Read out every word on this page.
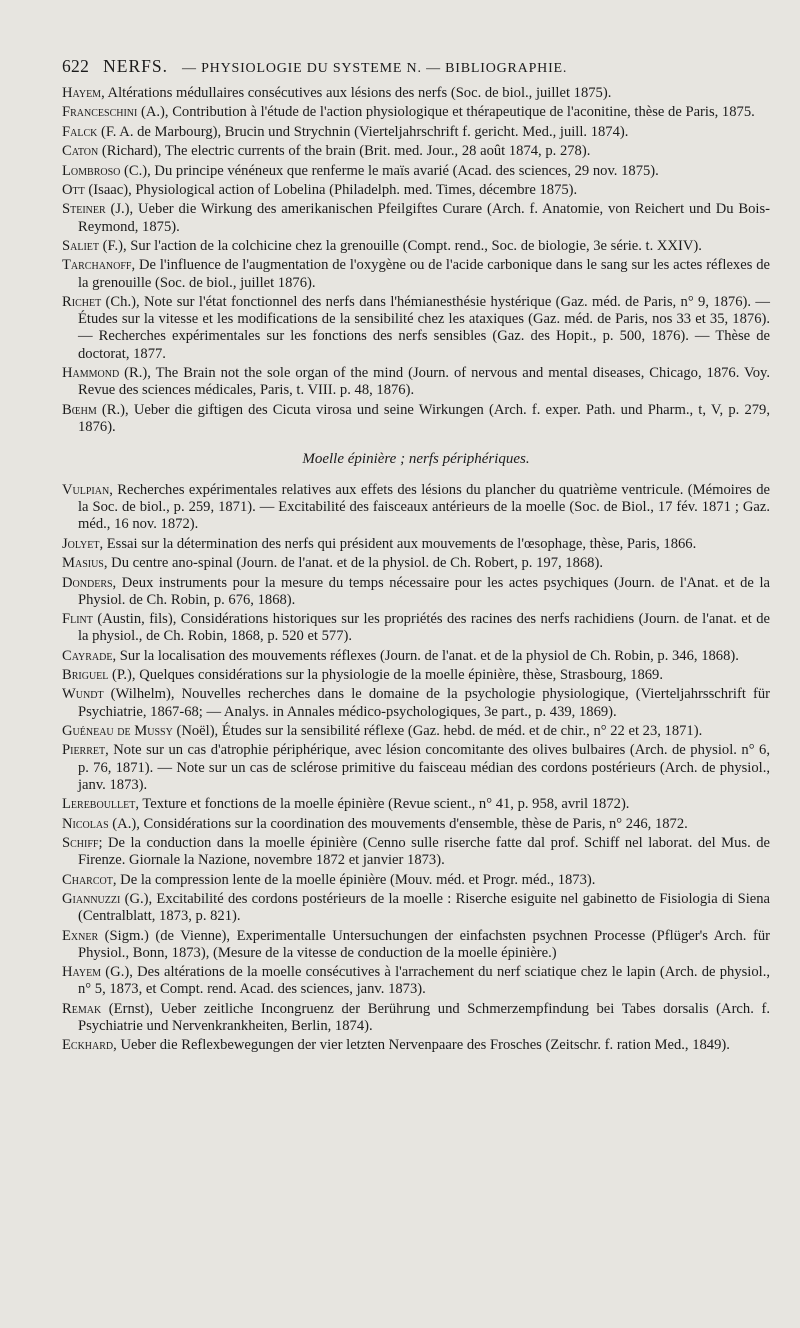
622 NERFS. — PHYSIOLOGIE DU SYSTEME N. — BIBLIOGRAPHIE.

Hayem, Altérations médullaires consécutives aux lésions des nerfs (Soc. de biol., juillet 1875).

Franceschini (A.), Contribution à l'étude de l'action physiologique et thérapeutique de l'aconitine, thèse de Paris, 1875.

Falck (F. A. de Marbourg), Brucin und Strychnin (Vierteljahrschrift f. gericht. Med., juill. 1874).

Caton (Richard), The electric currents of the brain (Brit. med. Jour., 28 août 1874, p. 278).

Lombroso (C.), Du principe vénéneux que renferme le maïs avarié (Acad. des sciences, 29 nov. 1875).

Ott (Isaac), Physiological action of Lobelina (Philadelph. med. Times, décembre 1875).

Steiner (J.), Ueber die Wirkung des amerikanischen Pfeilgiftes Curare (Arch. f. Anatomie, von Reichert und Du Bois-Reymond, 1875).

Saliet (F.), Sur l'action de la colchicine chez la grenouille (Compt. rend., Soc. de biologie, 3e série. t. XXIV).

Tarchanoff, De l'influence de l'augmentation de l'oxygène ou de l'acide carbonique dans le sang sur les actes réflexes de la grenouille (Soc. de biol., juillet 1876).

Richet (Ch.), Note sur l'état fonctionnel des nerfs dans l'hémianesthésie hystérique (Gaz. méd. de Paris, n° 9, 1876). — Études sur la vitesse et les modifications de la sensibilité chez les ataxiques (Gaz. méd. de Paris, nos 33 et 35, 1876). — Recherches expérimentales sur les fonctions des nerfs sensibles (Gaz. des Hopit., p. 500, 1876). — Thèse de doctorat, 1877.

Hammond (R.), The Brain not the sole organ of the mind (Journ. of nervous and mental diseases, Chicago, 1876. Voy. Revue des sciences médicales, Paris, t. VIII. p. 48, 1876).

Bœhm (R.), Ueber die giftigen des Cicuta virosa und seine Wirkungen (Arch. f. exper. Path. und Pharm., t, V, p. 279, 1876).

Moelle épinière ; nerfs périphériques.

Vulpian, Recherches expérimentales relatives aux effets des lésions du plancher du quatrième ventricule. (Mémoires de la Soc. de biol., p. 259, 1871). — Excitabilité des faisceaux antérieurs de la moelle (Soc. de Biol., 17 fév. 1871 ; Gaz. méd., 16 nov. 1872).

Jolyet, Essai sur la détermination des nerfs qui président aux mouvements de l'œsophage, thèse, Paris, 1866.

Masius, Du centre ano-spinal (Journ. de l'anat. et de la physiol. de Ch. Robert, p. 197, 1868).

Donders, Deux instruments pour la mesure du temps nécessaire pour les actes psychiques (Journ. de l'Anat. et de la Physiol. de Ch. Robin, p. 676, 1868).

Flint (Austin, fils), Considérations historiques sur les propriétés des racines des nerfs rachidiens (Journ. de l'anat. et de la physiol., de Ch. Robin, 1868, p. 520 et 577).

Cayrade, Sur la localisation des mouvements réflexes (Journ. de l'anat. et de la physiol de Ch. Robin, p. 346, 1868).

Briguel (P.), Quelques considérations sur la physiologie de la moelle épinière, thèse, Strasbourg, 1869.

Wundt (Wilhelm), Nouvelles recherches dans le domaine de la psychologie physiologique, (Vierteljahrsschrift für Psychiatrie, 1867-68; — Analys. in Annales médico-psychologiques, 3e part., p. 439, 1869).

Guéneau de Mussy (Noël), Études sur la sensibilité réflexe (Gaz. hebd. de méd. et de chir., n° 22 et 23, 1871).

Pierret, Note sur un cas d'atrophie périphérique, avec lésion concomitante des olives bulbaires (Arch. de physiol. n° 6, p. 76, 1871). — Note sur un cas de sclérose primitive du faisceau médian des cordons postérieurs (Arch. de physiol., janv. 1873).

Lereboullet, Texture et fonctions de la moelle épinière (Revue scient., n° 41, p. 958, avril 1872).

Nicolas (A.), Considérations sur la coordination des mouvements d'ensemble, thèse de Paris, n° 246, 1872.

Schiff; De la conduction dans la moelle épinière (Cenno sulle riserche fatte dal prof. Schiff nel laborat. del Mus. de Firenze. Giornale la Nazione, novembre 1872 et janvier 1873).

Charcot, De la compression lente de la moelle épinière (Mouv. méd. et Progr. méd., 1873).

Giannuzzi (G.), Excitabilité des cordons postérieurs de la moelle : Riserche esiguite nel gabinetto de Fisiologia di Siena (Centralblatt, 1873, p. 821).

Exner (Sigm.) (de Vienne), Experimentalle Untersuchungen der einfachsten psychnen Processe (Pflüger's Arch. für Physiol., Bonn, 1873), (Mesure de la vitesse de conduction de la moelle épinière.)

Hayem (G.), Des altérations de la moelle consécutives à l'arrachement du nerf sciatique chez le lapin (Arch. de physiol., n° 5, 1873, et Compt. rend. Acad. des sciences, janv. 1873).

Remak (Ernst), Ueber zeitliche Incongruenz der Berührung und Schmerzempfindung bei Tabes dorsalis (Arch. f. Psychiatrie und Nervenkrankheiten, Berlin, 1874).

Eckhard, Ueber die Reflexbewegungen der vier letzten Nervenpaare des Frosches (Zeitschr. f. ration Med., 1849).
